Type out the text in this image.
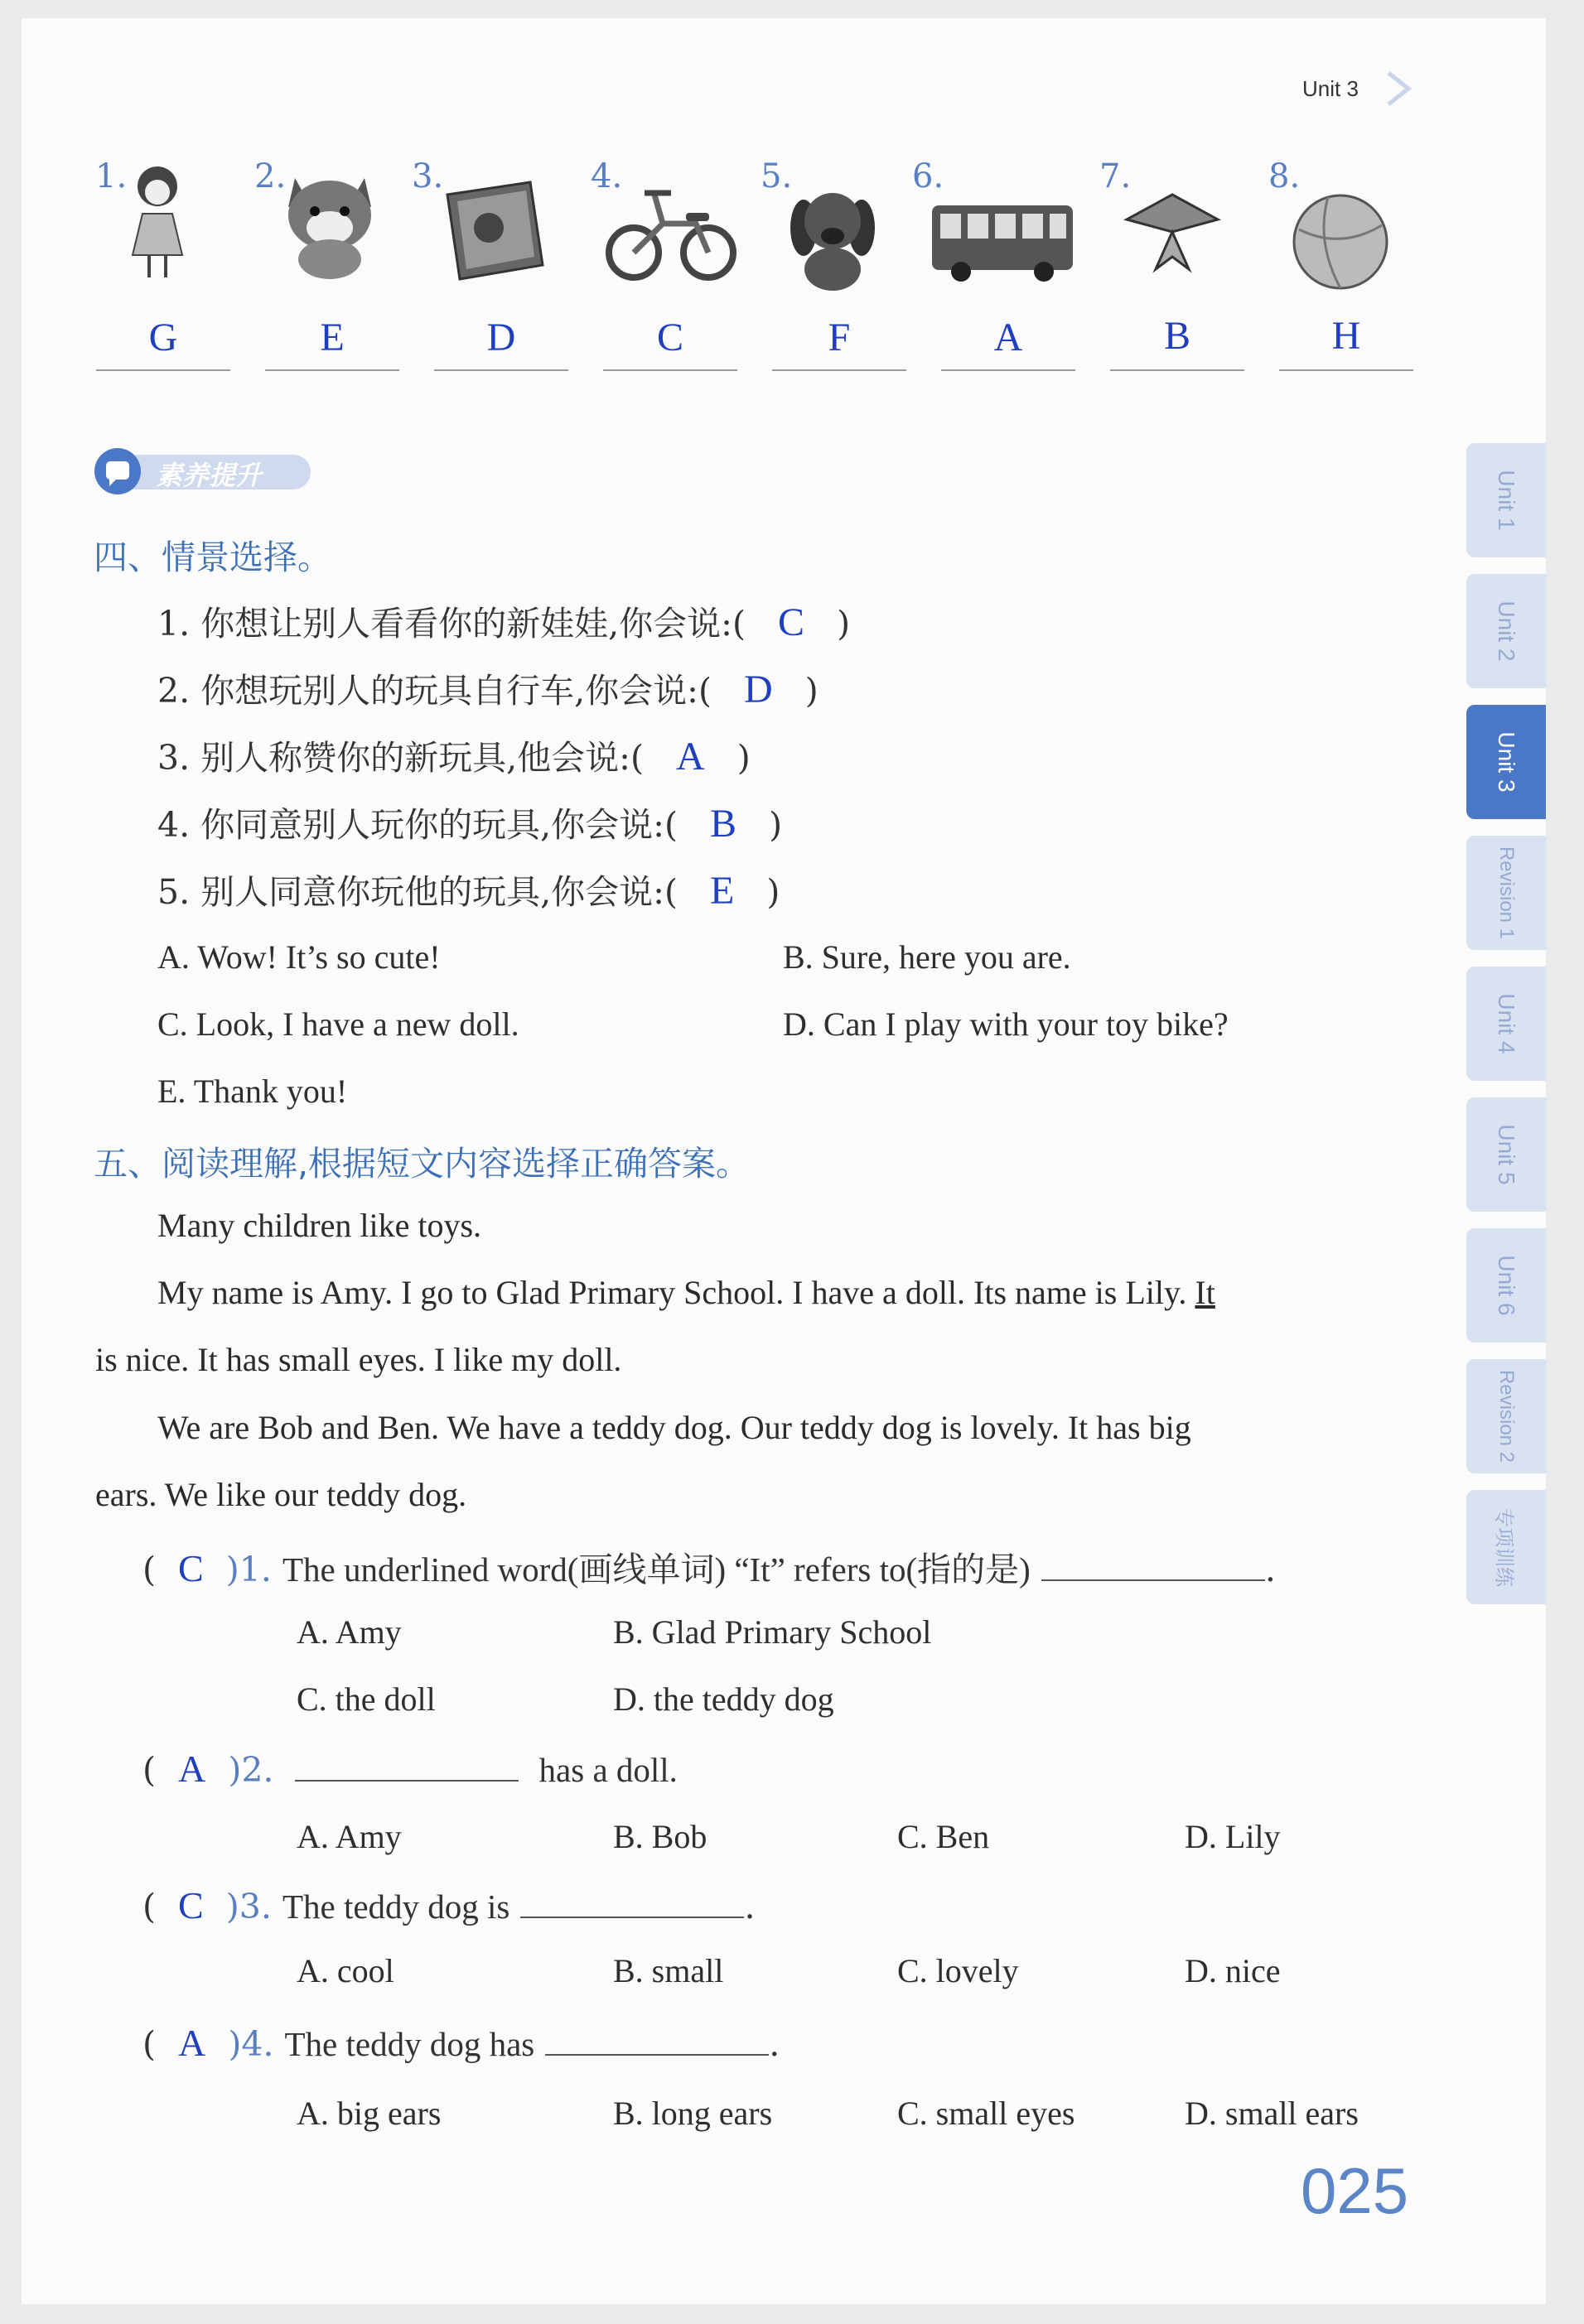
Unit 3
1.	2.	3.	4.	5.	6.	7.	8.
G	E	D	C	F	A	B	H
素养提升
四、情景选择。
1. 你想让别人看看你的新娃娃,你会说:( C )
2. 你想玩别人的玩具自行车,你会说:( D )
3. 别人称赞你的新玩具,他会说:( A )
4. 你同意别人玩你的玩具,你会说:( B )
5. 别人同意你玩他的玩具,你会说:( E )
A. Wow! It’s so cute!	B. Sure, here you are.
C. Look, I have a new doll.	D. Can I play with your toy bike?
E. Thank you!
五、阅读理解,根据短文内容选择正确答案。
Many children like toys.
My name is Amy. I go to Glad Primary School. I have a doll. Its name is Lily. It
is nice. It has small eyes. I like my doll.
We are Bob and Ben. We have a teddy dog. Our teddy dog is lovely. It has big
ears. We like our teddy dog.
( C )1. The underlined word(画线单词) “It” refers to(指的是)	.
A. Amy	B. Glad Primary School
C. the doll	D. the teddy dog
( A )2.	has a doll.
A. Amy	B. Bob	C. Ben	D. Lily
( C )3. The teddy dog is	.
A. cool	B. small	C. lovely	D. nice
( A )4. The teddy dog has	.
A. big ears	B. long ears	C. small eyes	D. small ears
Unit 1
Unit 2
Unit 3
Revision 1
Unit 4
Unit 5
Unit 6
Revision 2
专项训练
025
